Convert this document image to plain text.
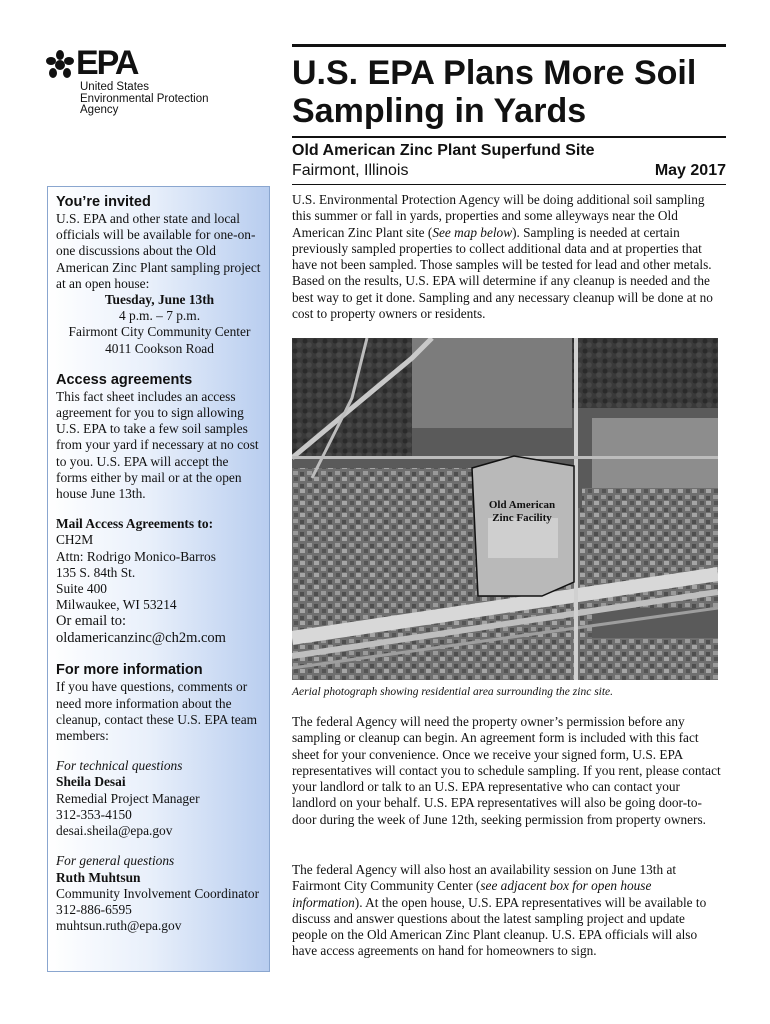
EPA
United States
Environmental Protection
Agency
U.S. EPA Plans More Soil Sampling in Yards
Old American Zinc Plant Superfund Site
Fairmont, Illinois	May 2017
You’re invited

U.S. EPA and other state and local officials will be available for one-on-one discussions about the Old American Zinc Plant sampling project at an open house:

Tuesday, June 13th

4 p.m. – 7 p.m.

Fairmont City Community Center

4011 Cookson Road

Access agreements

This fact sheet includes an access agreement for you to sign allowing U.S. EPA to take a few soil samples from your yard if necessary at no cost to you. U.S. EPA will accept the forms either by mail or at the open house June 13th.

Mail Access Agreements to:

CH2M

Attn: Rodrigo Monico-Barros

135 S. 84th St.

Suite 400

Milwaukee, WI 53214

Or email to:

oldamericanzinc@ch2m.com

For more information

If you have questions, comments or need more information about the cleanup, contact these U.S. EPA team members:

For technical questions

Sheila Desai

Remedial Project Manager

312-353-4150

desai.sheila@epa.gov

For general questions

Ruth Muhtsun

Community Involvement Coordinator

312-886-6595

muhtsun.ruth@epa.gov

U.S. Environmental Protection Agency will be doing additional soil sampling this summer or fall in yards, properties and some alleyways near the Old American Zinc Plant site (See map below). Sampling is needed at certain previously sampled properties to collect additional data and at properties that have not been sampled. Those samples will be tested for lead and other metals. Based on the results, U.S. EPA will determine if any cleanup is needed and the best way to get it done. Sampling and any necessary cleanup will be done at no cost to property owners or residents.

Old American
Zinc Facility

Aerial photograph showing residential area surrounding the zinc site.

The federal Agency will need the property owner’s permission before any sampling or cleanup can begin. An agreement form is included with this fact sheet for your convenience. Once we receive your signed form, U.S. EPA representatives will contact you to schedule sampling. If you rent, please contact your landlord or talk to an U.S. EPA representative who can contact your landlord on your behalf. U.S. EPA representatives will also be going door-to-door during the week of June 12th, seeking permission from property owners.

The federal Agency will also host an availability session on June 13th at Fairmont City Community Center (see adjacent box for open house information). At the open house, U.S. EPA representatives will be available to discuss and answer questions about the latest sampling project and update people on the Old American Zinc Plant cleanup. U.S. EPA officials will also have access agreements on hand for homeowners to sign.
